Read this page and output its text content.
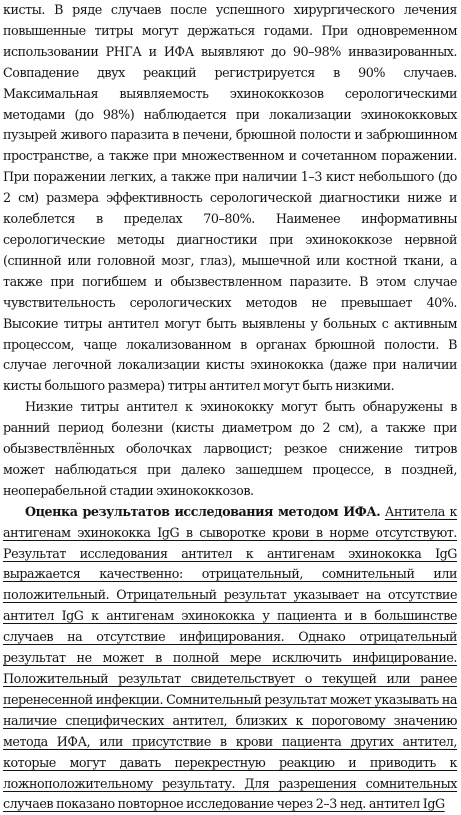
кисты. В ряде случаев после успешного хирургического лечения повышенные титры могут держаться годами. При одновременном использовании РНГА и ИФА выявляют до 90–98% инвазированных. Совпадение двух реакций регистрируется в 90% случаев. Максимальная выявляемость эхинококкозов серологическими методами (до 98%) наблюдается при локализации эхинококковых пузырей живого паразита в печени, брюшной полости и забрюшинном пространстве, а также при множественном и сочетанном поражении. При поражении легких, а также при наличии 1–3 кист небольшого (до 2 см) размера эффективность серологической диагностики ниже и колеблется в пределах 70–80%. Наименее информативны серологические методы диагностики при эхинококкозе нервной (спинной или головной мозг, глаз), мышечной или костной ткани, а также при погибшем и обызвествленном паразите. В этом случае чувствительность серологических методов не превышает 40%. Высокие титры антител могут быть выявлены у больных с активным процессом, чаще локализованном в органах брюшной полости. В случае легочной локализации кисты эхинококка (даже при наличии кисты большого размера) титры антител могут быть низкими.

Низкие титры антител к эхинококку могут быть обнаружены в ранний период болезни (кисты диаметром до 2 см), а также при обызвествлённых оболочках ларвоцист; резкое снижение титров может наблюдаться при далеко зашедшем процессе, в поздней, неоперабельной стадии эхинококкозов.

Оценка результатов исследования методом ИФА. Антитела к антигенам эхинококка IgG в сыворотке крови в норме отсутствуют. Результат исследования антител к антигенам эхинококка IgG выражается качественно: отрицательный, сомнительный или положительный. Отрицательный результат указывает на отсутствие антител IgG к антигенам эхинококка у пациента и в большинстве случаев на отсутствие инфицирования. Однако отрицательный результат не может в полной мере исключить инфицирование. Положительный результат свидетельствует о текущей или ранее перенесенной инфекции. Сомнительный результат может указывать на наличие специфических антител, близких к пороговому значению метода ИФА, или присутствие в крови пациента других антител, которые могут давать перекрестную реакцию и приводить к ложноположительному результату. Для разрешения сомнительных случаев показано повторное исследование через 2–3 нед. антител IgG
